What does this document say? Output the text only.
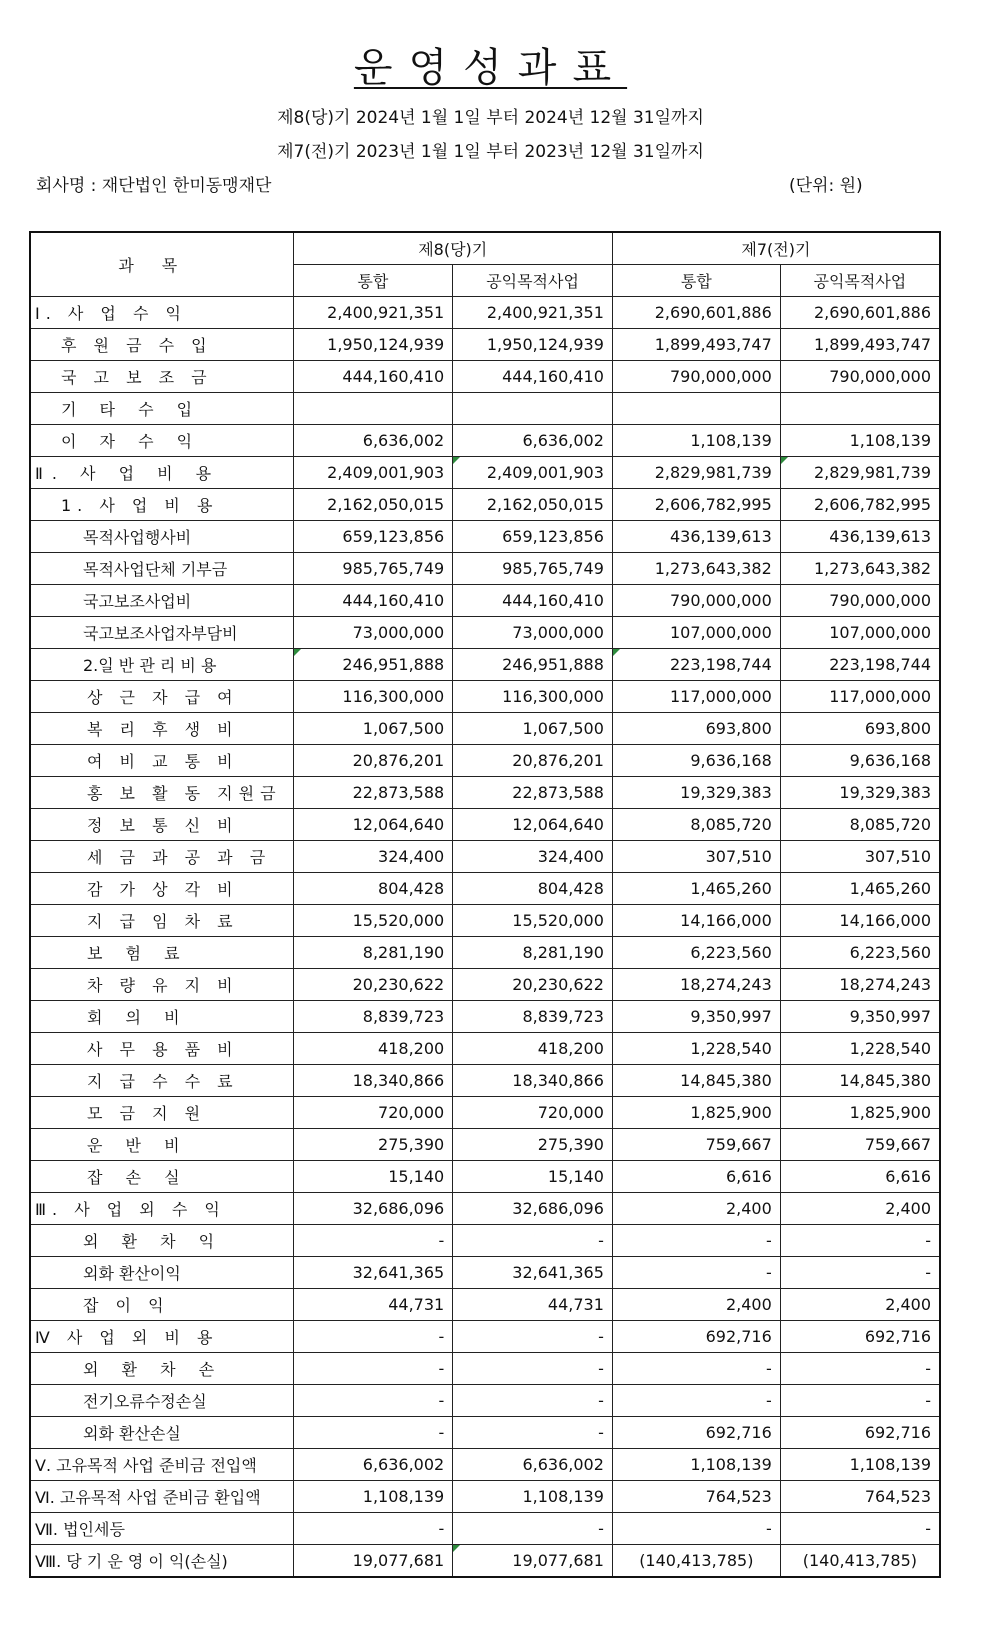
운영성과표
제8(당)기 2024년 1월 1일 부터 2024년 12월 31일까지
제7(전)기 2023년 1월 1일 부터 2023년 12월 31일까지
회사명 : 재단법인 한미동맹재단	(단위: 원)
과목	제8(당)기		제7(전)기	
	통합	공익목적사업	통합	공익목적사업
Ⅰ. 사 업 수 익	2,400,921,351	2,400,921,351	2,690,601,886	2,690,601,886
후 원 금 수 입	1,950,124,939	1,950,124,939	1,899,493,747	1,899,493,747
국 고 보 조 금	444,160,410	444,160,410	790,000,000	790,000,000
기 타 수 입				
이 자 수 익	6,636,002	6,636,002	1,108,139	1,108,139
Ⅱ. 사 업 비 용	2,409,001,903	2,409,001,903	2,829,981,739	2,829,981,739
1. 사 업 비 용	2,162,050,015	2,162,050,015	2,606,782,995	2,606,782,995
목적사업행사비	659,123,856	659,123,856	436,139,613	436,139,613
목적사업단체 기부금	985,765,749	985,765,749	1,273,643,382	1,273,643,382
국고보조사업비	444,160,410	444,160,410	790,000,000	790,000,000
국고보조사업자부담비	73,000,000	73,000,000	107,000,000	107,000,000
2.일 반 관 리 비 용	246,951,888	246,951,888	223,198,744	223,198,744
상 근 자 급 여	116,300,000	116,300,000	117,000,000	117,000,000
복 리 후 생 비	1,067,500	1,067,500	693,800	693,800
여 비 교 통 비	20,876,201	20,876,201	9,636,168	9,636,168
홍 보 활 동 지원금	22,873,588	22,873,588	19,329,383	19,329,383
정 보 통 신 비	12,064,640	12,064,640	8,085,720	8,085,720
세 금 과 공 과 금	324,400	324,400	307,510	307,510
감 가 상 각 비	804,428	804,428	1,465,260	1,465,260
지 급 임 차 료	15,520,000	15,520,000	14,166,000	14,166,000
보 험 료	8,281,190	8,281,190	6,223,560	6,223,560
차 량 유 지 비	20,230,622	20,230,622	18,274,243	18,274,243
회 의 비	8,839,723	8,839,723	9,350,997	9,350,997
사 무 용 품 비	418,200	418,200	1,228,540	1,228,540
지 급 수 수 료	18,340,866	18,340,866	14,845,380	14,845,380
모 금 지 원	720,000	720,000	1,825,900	1,825,900
운 반 비	275,390	275,390	759,667	759,667
잡 손 실	15,140	15,140	6,616	6,616
Ⅲ. 사 업 외 수 익	32,686,096	32,686,096	2,400	2,400
외 환 차 익	-	-	-	-
외화 환산이익	32,641,365	32,641,365	-	-
잡 이 익	44,731	44,731	2,400	2,400
Ⅳ 사 업 외 비 용	-	-	692,716	692,716
외 환 차 손	-	-	-	-
전기오류수정손실	-	-	-	-
외화 환산손실	-	-	692,716	692,716
Ⅴ. 고유목적 사업 준비금 전입액	6,636,002	6,636,002	1,108,139	1,108,139
Ⅵ. 고유목적 사업 준비금 환입액	1,108,139	1,108,139	764,523	764,523
Ⅶ. 법인세등	-	-	-	-
Ⅷ. 당 기 운 영 이 익(손실)	19,077,681	19,077,681	(140,413,785)	(140,413,785)
